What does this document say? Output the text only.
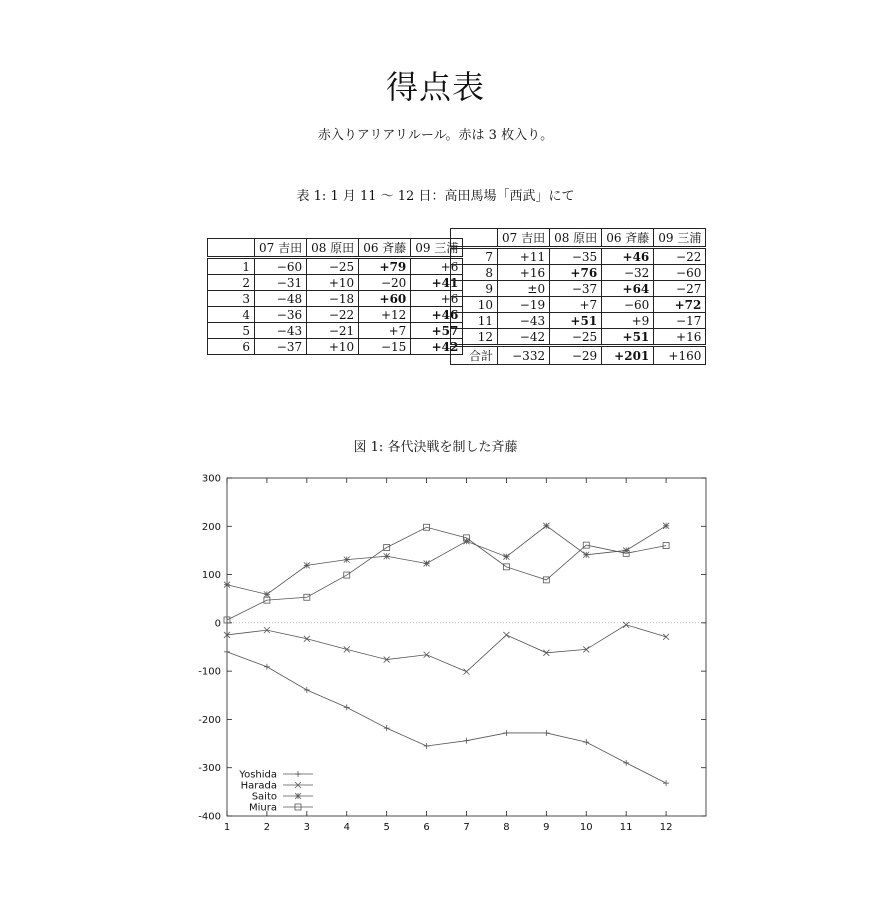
得点表
赤入りアリアリルール。赤は 3 枚入り。
表 1: 1 月 11 〜 12 日：高田馬場「西武」にて
	07 吉田	08 原田	06 斉藤	09 三浦
1	−60	−25	+79	+6
2	−31	+10	−20	+41
3	−48	−18	+60	+6
4	−36	−22	+12	+46
5	−43	−21	+7	+57
6	−37	+10	−15	+42
	07 吉田	08 原田	06 斉藤	09 三浦
7	+11	−35	+46	−22
8	+16	+76	−32	−60
9	±0	−37	+64	−27
10	−19	+7	−60	+72
11	−43	+51	+9	−17
12	−42	−25	+51	+16
合計	−332	−29	+201	+160
図 1: 各代決戦を制した斉藤
-400
-300
-200
-100
0
100
200
300
1	2	3	4	5	6	7	8	9	10	11	12
Yoshida
Harada
Saito
Miura
